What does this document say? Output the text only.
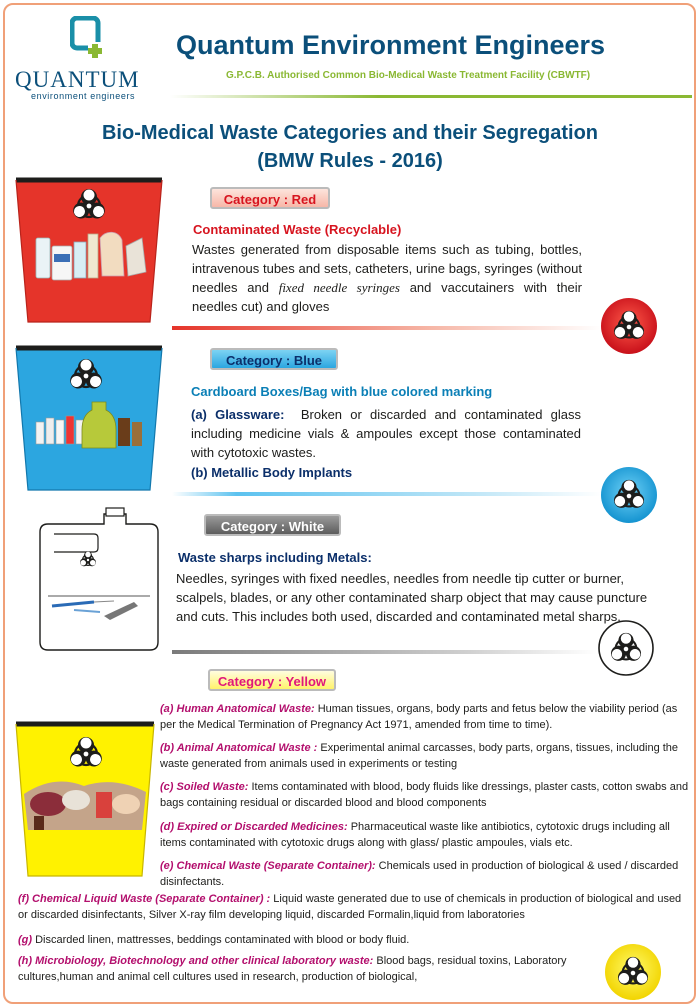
QUANTUM
environment engineers
Quantum Environment Engineers
G.P.C.B. Authorised Common Bio-Medical Waste Treatment Facility (CBWTF)
Bio-Medical Waste Categories and their Segregation
(BMW Rules - 2016)
Category : Red
Contaminated Waste (Recyclable)
Wastes generated from disposable items such as tubing, bottles, intravenous tubes and sets, catheters, urine bags, syringes (without needles and fixed needle syringes and vaccutainers with their needles cut) and gloves
Category : Blue
Cardboard Boxes/Bag with blue colored marking
(a) Glassware: Broken or discarded and contaminated glass including medicine vials & ampoules except those contaminated with cytotoxic wastes.
(b) Metallic Body Implants
Category : White
Waste sharps including Metals:
Needles, syringes with fixed needles, needles from needle tip cutter or burner, scalpels, blades, or any other contaminated sharp object that may cause puncture and cuts. This includes both used, discarded and contaminated metal sharps.
Category : Yellow
(a) Human Anatomical Waste: Human tissues, organs, body parts and fetus below the viability period (as per the Medical Termination of Pregnancy Act 1971, amended from time to time).
(b) Animal Anatomical Waste : Experimental animal carcasses, body parts, organs, tissues, including the waste generated from animals used in experiments or testing
(c) Soiled Waste: Items contaminated with blood, body fluids like dressings, plaster casts, cotton swabs and bags containing residual or discarded blood and blood components
(d) Expired or Discarded Medicines: Pharmaceutical waste like antibiotics, cytotoxic drugs including all items contaminated with cytotoxic drugs along with glass/ plastic ampoules, vials etc.
(e) Chemical Waste (Separate Container): Chemicals used in production of biological & used / discarded disinfectants.
(f) Chemical Liquid Waste (Separate Container) : Liquid waste generated due to use of chemicals in production of biological and used or discarded disinfectants, Silver X-ray film developing liquid, discarded Formalin,liquid from laboratories
(g) Discarded linen, mattresses, beddings contaminated with blood or body fluid.
(h) Microbiology, Biotechnology and other clinical laboratory waste: Blood bags, residual toxins, Laboratory cultures,human and animal cell cultures used in research, production of biological,
